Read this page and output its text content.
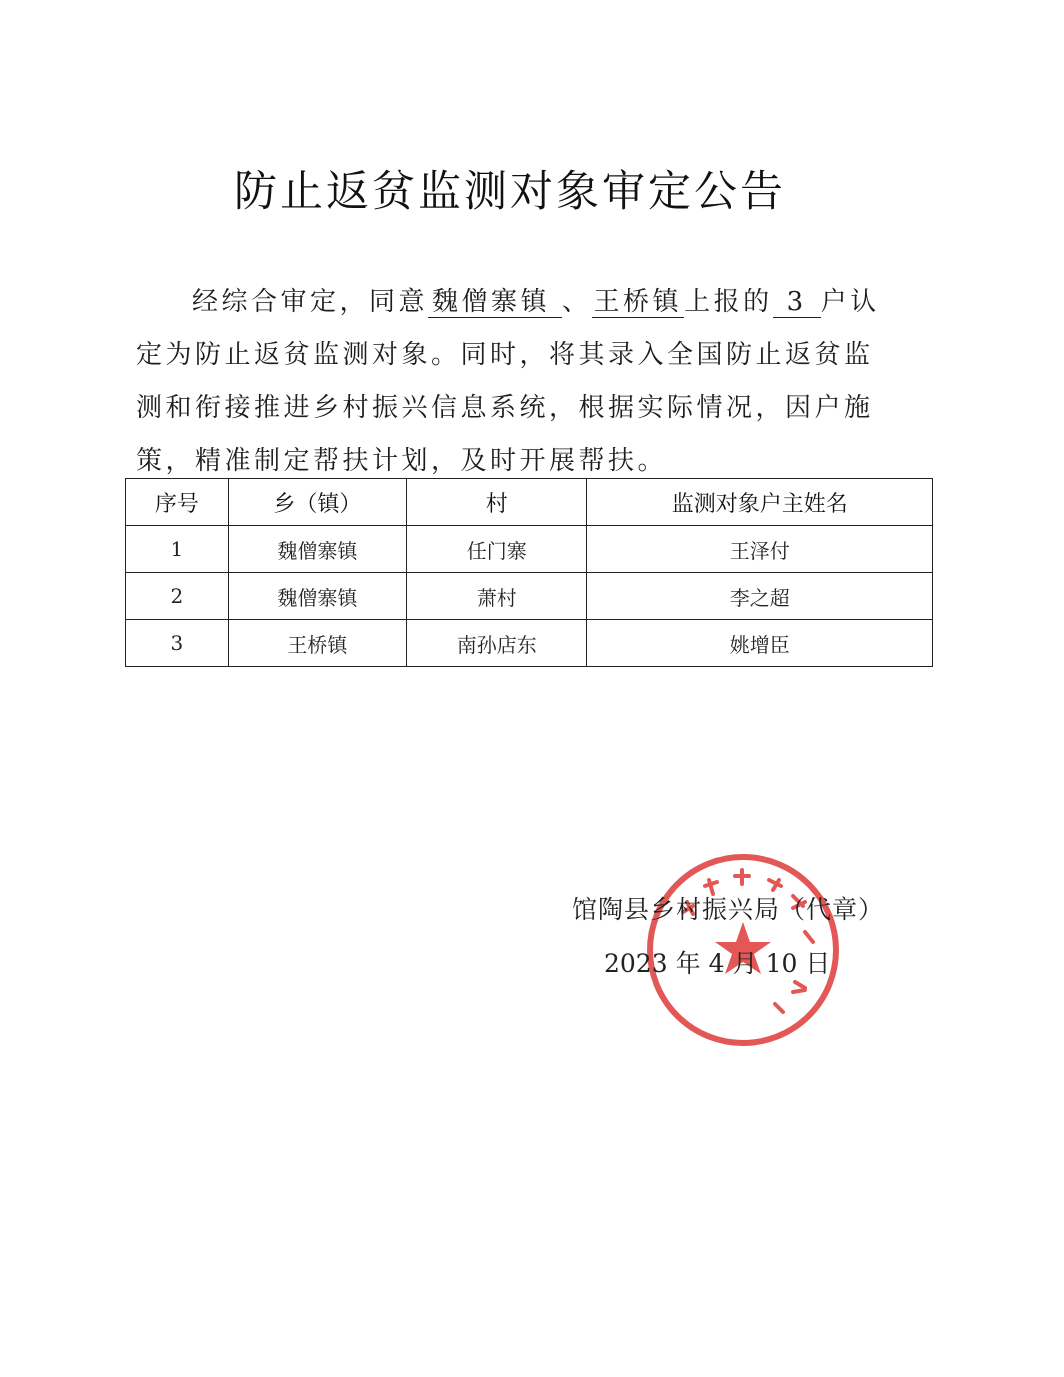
防止返贫监测对象审定公告
经综合审定，同意 魏僧寨镇 、王桥镇上报的 3 户认定为防止返贫监测对象。同时，将其录入全国防止返贫监测和衔接推进乡村振兴信息系统，根据实际情况，因户施策，精准制定帮扶计划，及时开展帮扶。
序号	乡（镇）	村	监测对象户主姓名
1	魏僧寨镇	任门寨	王泽付
2	魏僧寨镇	萧村	李之超
3	王桥镇	南孙店东	姚增臣
馆陶县乡村振兴局（代章）
2023 年 4 月 10 日
